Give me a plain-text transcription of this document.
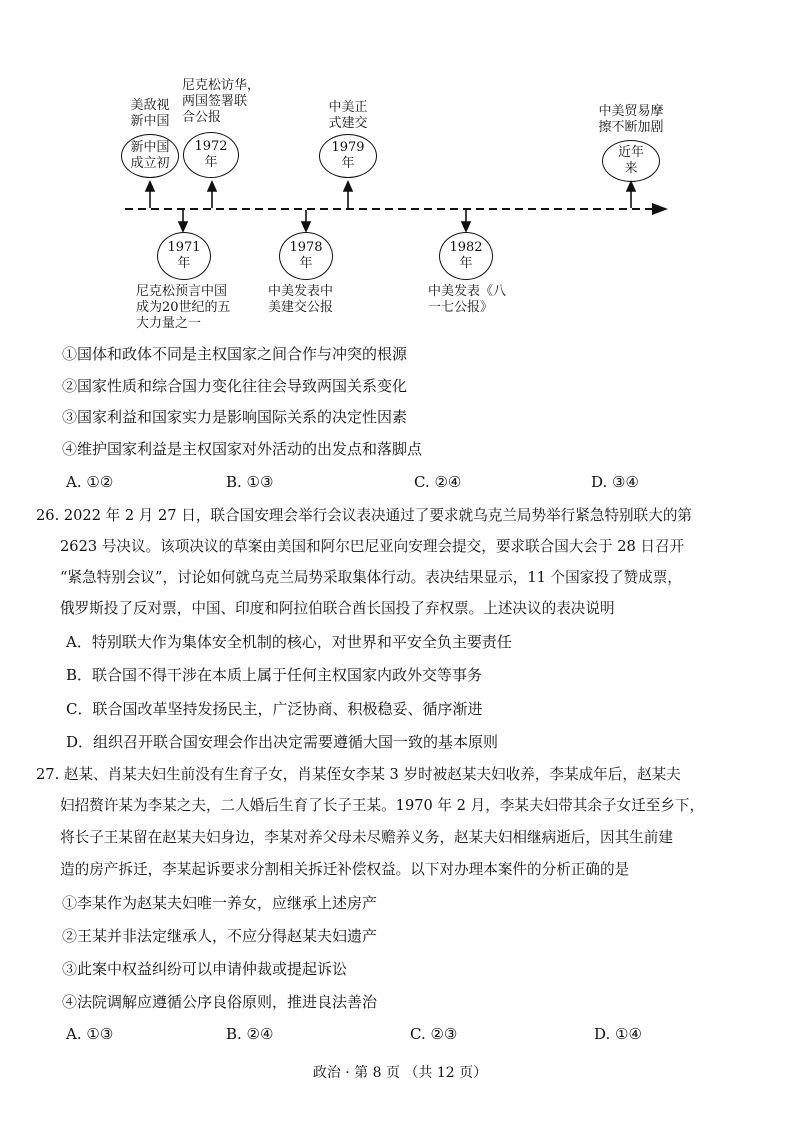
美敌视
新中国
新中国
成立初
尼克松访华，
两国签署联
合公报
1972
年
中美正
式建交
1979
年
中美贸易摩
擦不断加剧
近年
来
1971
年
尼克松预言中国
成为20世纪的五
大力量之一
1978
年
中美发表中
美建交公报
1982
年
中美发表《八
一七公报》
①国体和政体不同是主权国家之间合作与冲突的根源
②国家性质和综合国力变化往往会导致两国关系变化
③国家利益和国家实力是影响国际关系的决定性因素
④维护国家利益是主权国家对外活动的出发点和落脚点
A. ①②	B. ①③	C. ②④	D. ③④
26. 2022 年 2 月 27 日，联合国安理会举行会议表决通过了要求就乌克兰局势举行紧急特别联大的第
2623 号决议。该项决议的草案由美国和阿尔巴尼亚向安理会提交，要求联合国大会于 28 日召开
“紧急特别会议”，讨论如何就乌克兰局势采取集体行动。表决结果显示，11 个国家投了赞成票，
俄罗斯投了反对票，中国、印度和阿拉伯联合酋长国投了弃权票。上述决议的表决说明
A．特别联大作为集体安全机制的核心，对世界和平安全负主要责任
B．联合国不得干涉在本质上属于任何主权国家内政外交等事务
C．联合国改革坚持发扬民主，广泛协商、积极稳妥、循序渐进
D．组织召开联合国安理会作出决定需要遵循大国一致的基本原则
27. 赵某、肖某夫妇生前没有生育子女，肖某侄女李某 3 岁时被赵某夫妇收养，李某成年后，赵某夫
妇招赘许某为李某之夫，二人婚后生育了长子王某。1970 年 2 月，李某夫妇带其余子女迁至乡下，
将长子王某留在赵某夫妇身边，李某对养父母未尽赡养义务，赵某夫妇相继病逝后，因其生前建
造的房产拆迁，李某起诉要求分割相关拆迁补偿权益。以下对办理本案件的分析正确的是
①李某作为赵某夫妇唯一养女，应继承上述房产
②王某并非法定继承人，不应分得赵某夫妇遗产
③此案中权益纠纷可以申请仲裁或提起诉讼
④法院调解应遵循公序良俗原则，推进良法善治
A. ①③	B. ②④	C. ②③	D. ①④
政治 · 第 8 页 （共 12 页）
